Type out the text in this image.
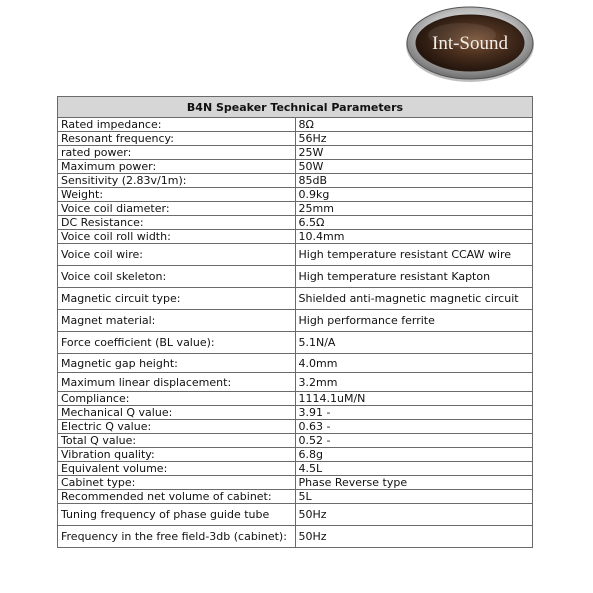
Int-Sound
B4N Speaker Technical Parameters	
Rated impedance:	8Ω
Resonant frequency:	56Hz
rated power:	25W
Maximum power:	50W
Sensitivity (2.83v/1m):	85dB
Weight:	0.9kg
Voice coil diameter:	25mm
DC Resistance:	6.5Ω
Voice coil roll width:	10.4mm
Voice coil wire:	High temperature resistant CCAW wire
Voice coil skeleton:	High temperature resistant Kapton
Magnetic circuit type:	Shielded anti-magnetic magnetic circuit
Magnet material:	High performance ferrite
Force coefficient (BL value):	5.1N/A
Magnetic gap height:	4.0mm
Maximum linear displacement:	3.2mm
Compliance:	1114.1uM/N
Mechanical Q value:	3.91 -
Electric Q value:	0.63 -
Total Q value:	0.52 -
Vibration quality:	6.8g
Equivalent volume:	4.5L
Cabinet type:	Phase Reverse type
Recommended net volume of cabinet:	5L
Tuning frequency of phase guide tube	50Hz
Frequency in the free field-3db (cabinet):	50Hz
